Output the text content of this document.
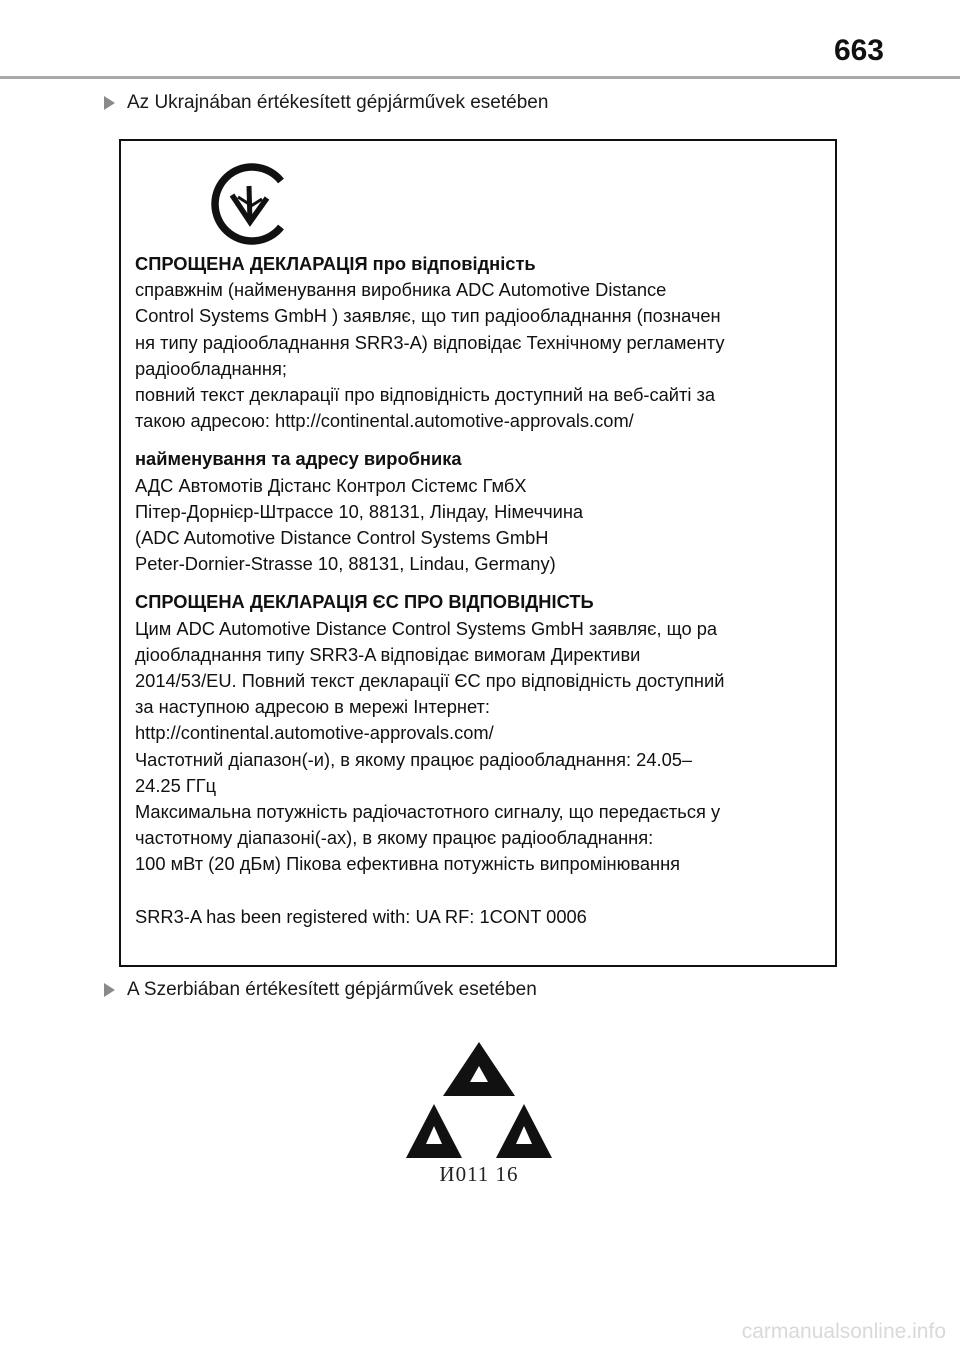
663
Az Ukrajnában értékesített gépjárművek esetében
СПРОЩЕНА ДЕКЛАРАЦІЯ про відповідність
справжнім (найменування виробника ADC Automotive Distance
Control Systems GmbH ) заявляє, що тип радіообладнання (позначен
ня типу радіообладнання SRR3-A) відповідає Технічному регламенту
радіообладнання;
повний текст декларації про відповідність доступний на веб-сайті за
такою адресою: http://continental.automotive-approvals.com/
найменування та адресу виробника
АДС Автомотів Дістанс Контрол Сістемс ГмбХ
Пітер-Дорнієр-Штрассе 10, 88131, Ліндау, Німеччина
(ADC Automotive Distance Control Systems GmbH
Peter-Dornier-Strasse 10, 88131, Lindau, Germany)
СПРОЩЕНА ДЕКЛАРАЦІЯ ЄС ПРО ВІДПОВІДНІСТЬ
Цим ADC Automotive Distance Control Systems GmbH заявляє, що ра
діообладнання типу SRR3-A відповідає вимогам Директиви
2014/53/EU. Повний текст декларації ЄС про відповідність доступний
за наступною адресою в мережі Інтернет:
http://continental.automotive-approvals.com/
Частотний діапазон(-и), в якому працює радіообладнання: 24.05–
24.25 ГГц
Максимальна потужність радіочастотного сигналу, що передається у
частотному діапазоні(-ах), в якому працює радіообладнання:
100 мВт (20 дБм) Пікова ефективна потужність випромінювання
SRR3-A has been registered with: UA RF: 1CONT 0006
A Szerbiában értékesített gépjárművek esetében
И011 16
carmanualsonline.info
